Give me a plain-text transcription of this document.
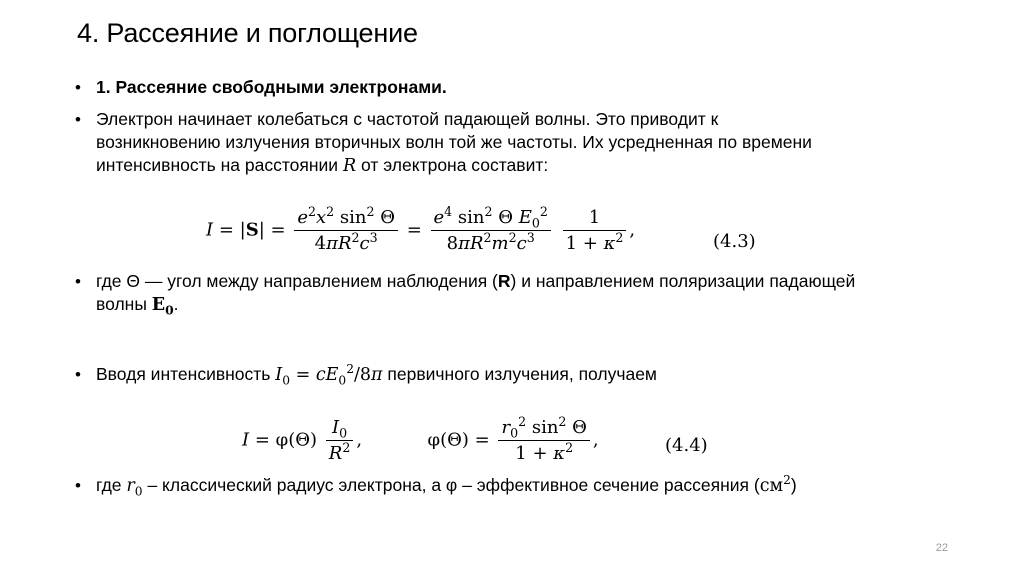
4. Рассеяние и поглощение
• 1. Рассеяние свободными электронами.
• Электрон начинает колебаться с частотой падающей волны. Это приводит к возникновению излучения вторичных волн той же частоты. Их усредненная по времени интенсивность на расстоянии R от электрона составит:
$I = |S| = \frac{e^2x^2 \sin^2 \Theta}{4\pi R^2c^3} = \frac{e^4 \sin^2 \Theta E_0^2}{8\pi R^2m^2c^3}$
$\frac{1}{1 + \kappa^2}$ ,
(4.3)
• где Θ — угол между направлением наблюдения (R) и направлением поляризации падающей волны $E_0$.
• Вводя интенсивность $I_0 = cE_0^2/8\pi$ первичного излучения, получаем
$I = \varphi(\Theta) \frac{I_0}{R^2}$ ,	$\varphi(\Theta) = \frac{r_0^2 \sin^2 \Theta}{1 + \kappa^2}$ ,	(4.4)
• где $r_0$ – классический радиус электрона, а φ – эффективное сечение рассеяния $(см^2)$
22
